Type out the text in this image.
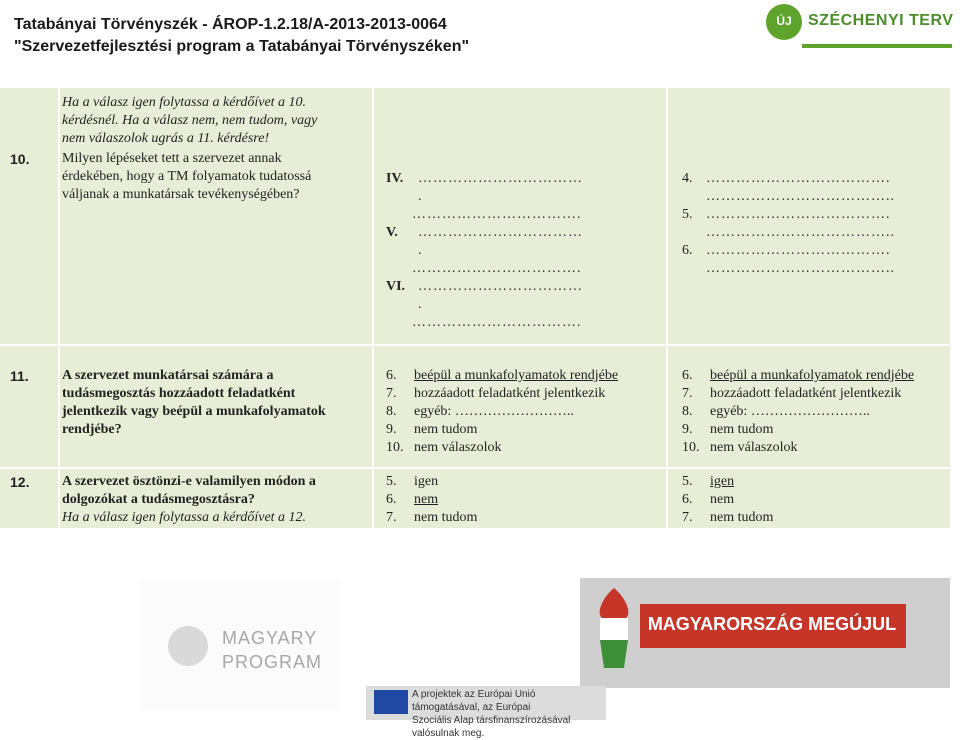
Tatabányai Törvényszék - ÁROP-1.2.18/A-2013-2013-0064
"Szervezetfejlesztési program a Tatabányai Törvényszéken"
ÚJ	SZÉCHENYI TERV
Ha a válasz igen folytassa a kérdőívet a 10.
kérdésnél. Ha a válasz nem, nem tudom, vagy
nem válaszolok ugrás a 11. kérdésre!
10. Milyen lépéseket tett a szervezet annak
érdekében, hogy a TM folyamatok tudatossá
váljanak a munkatársak tevékenységében?
IV.	……………………………
.
…………………………….
V.	……………………………
.
…………………………….
VI. ……………………………
.
…………………………….
4. ……………………………….
………………………………..
5. ……………………………….
………………………………..
6. ……………………………….
………………………………..
11. A szervezet munkatársai számára a
tudásmegosztás hozzáadott feladatként
jelentkezik vagy beépül a munkafolyamatok
rendjébe?
6.	beépül a munkafolyamatok rendjébe
7.	hozzáadott feladatként jelentkezik
8.	egyéb: ……………………..
9.	nem tudom
10. nem válaszolok
6.	beépül a munkafolyamatok rendjébe
7.	hozzáadott feladatként jelentkezik
8.	egyéb: ……………………..
9.	nem tudom
10. nem válaszolok
12. A szervezet ösztönzi-e valamilyen módon a
dolgozókat a tudásmegosztásra?
Ha a válasz igen folytassa a kérdőívet a 12.
5.	igen
6.	nem
7.	nem tudom
5.	igen
6.	nem
7.	nem tudom
MAGYARY
PROGRAM
MAGYARORSZÁG MEGÚJUL
A projektek az Európai Unió támogatásával, az Európai
Szociális Alap társfinanszírozásával valósulnak meg.
